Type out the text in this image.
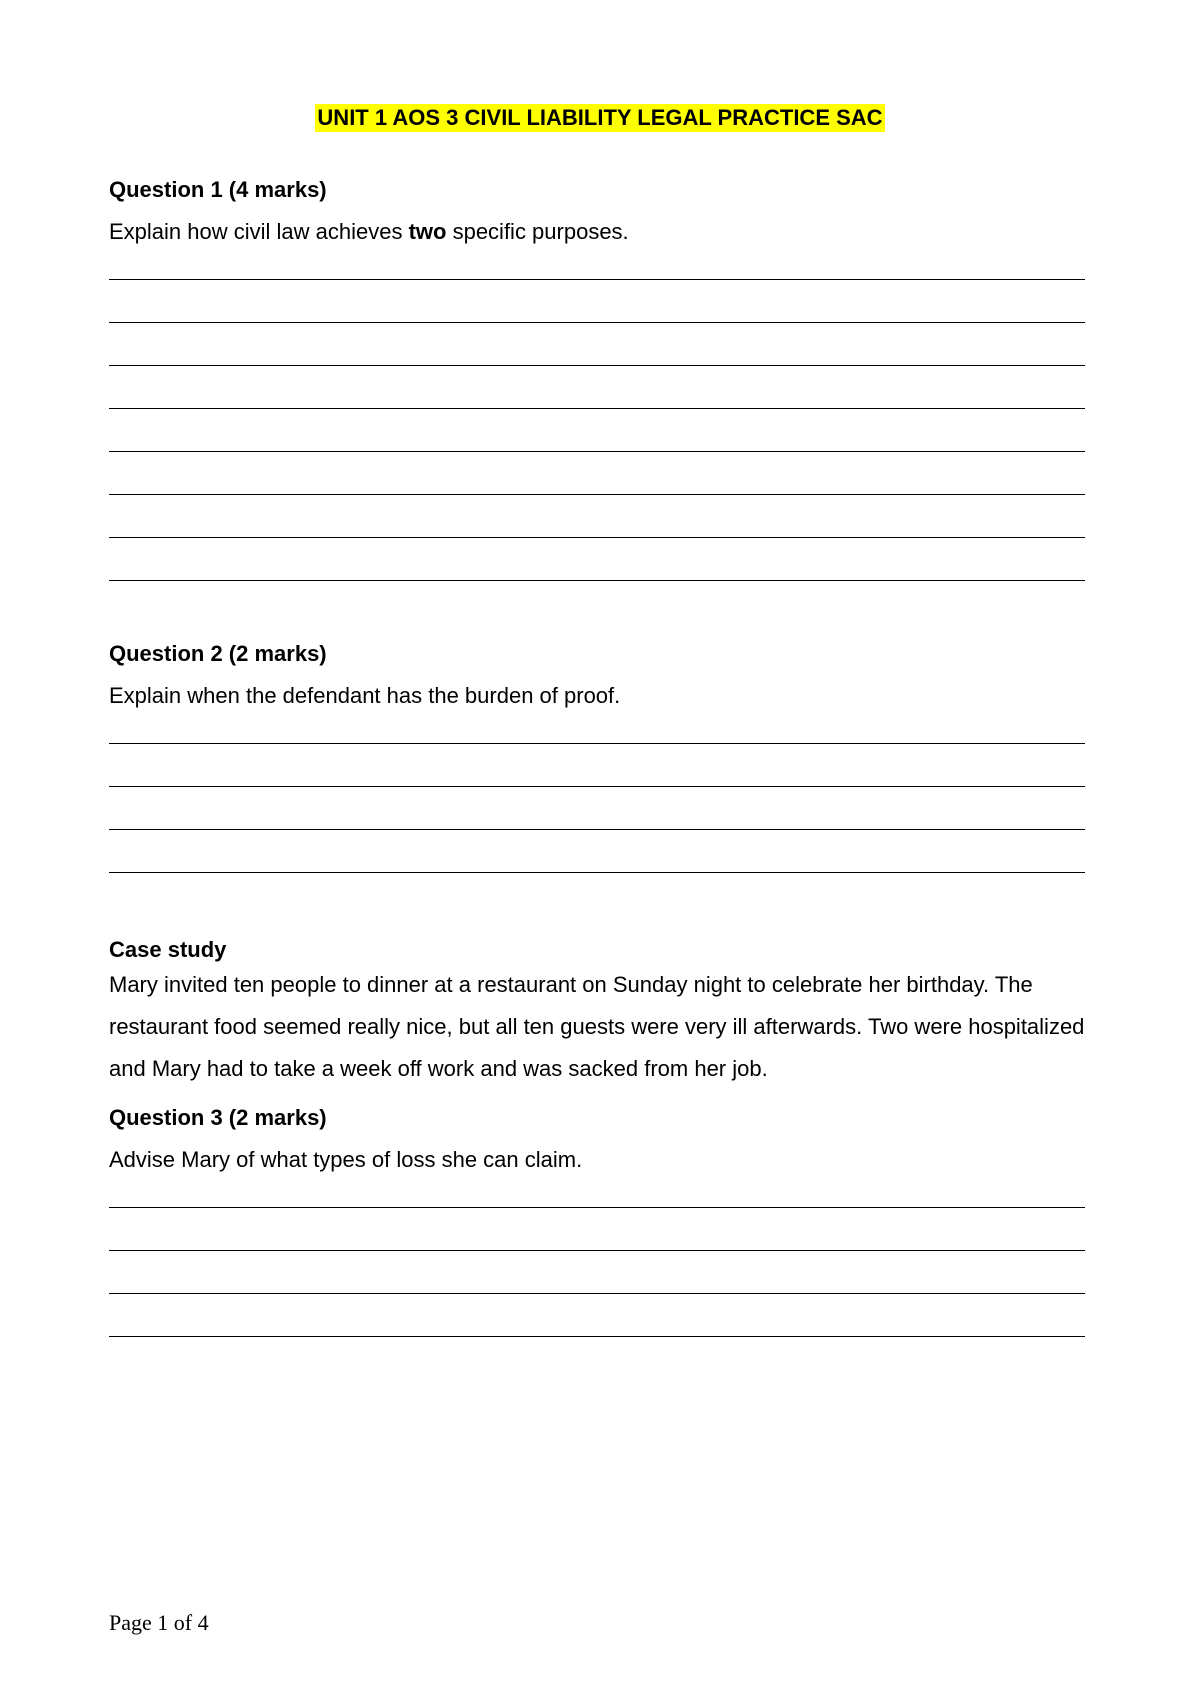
UNIT 1 AOS 3 CIVIL LIABILITY LEGAL PRACTICE SAC

Question 1 (4 marks)

Explain how civil law achieves two specific purposes.

Question 2 (2 marks)

Explain when the defendant has the burden of proof.

Case study

Mary invited ten people to dinner at a restaurant on Sunday night to celebrate her birthday. The restaurant food seemed really nice, but all ten guests were very ill afterwards. Two were hospitalized and Mary had to take a week off work and was sacked from her job.

Question 3 (2 marks)

Advise Mary of what types of loss she can claim.

Page 1 of 4
